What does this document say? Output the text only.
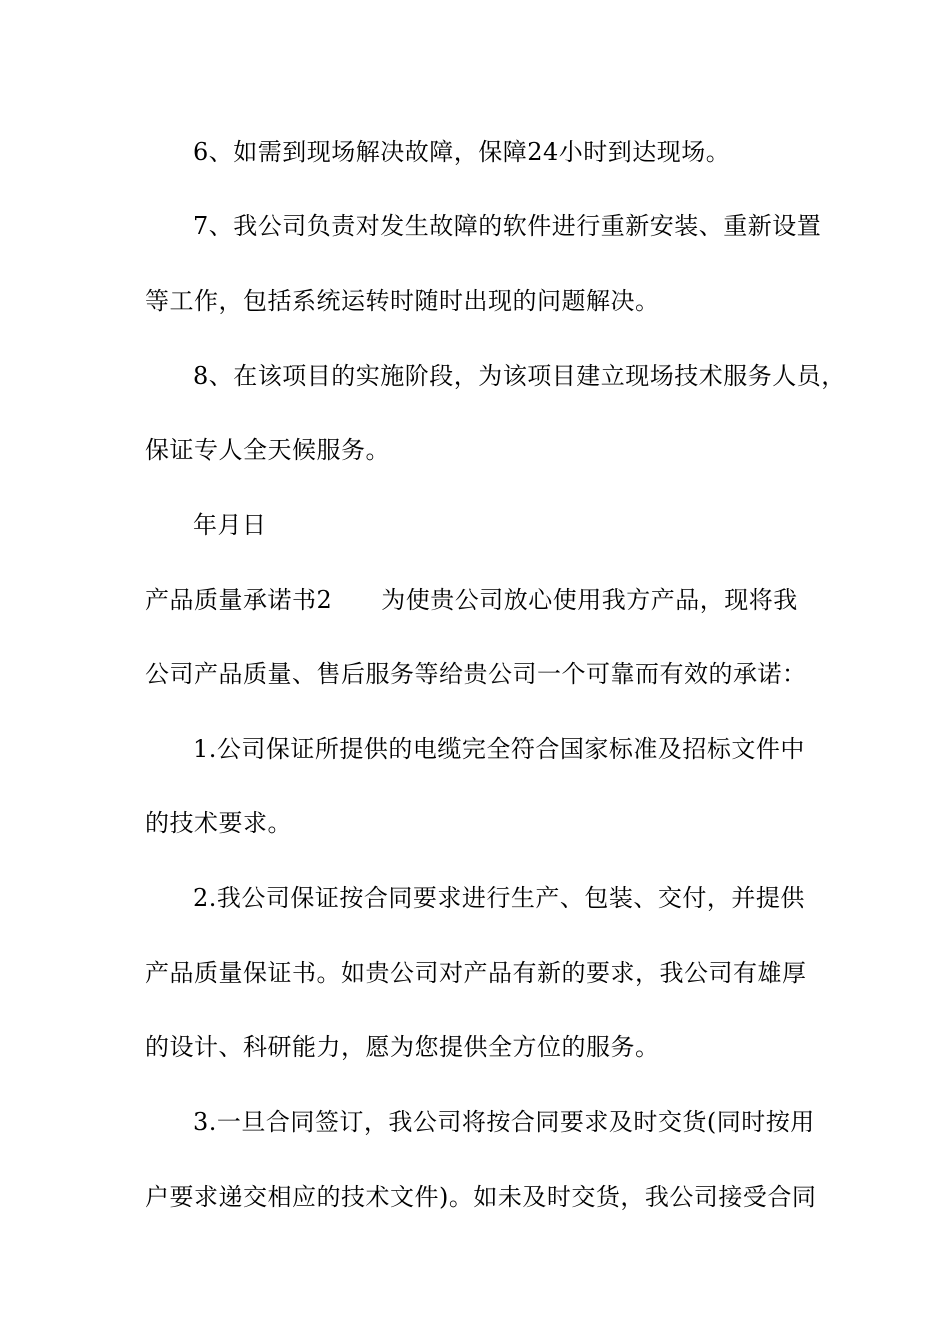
6、如需到现场解决故障，保障24小时到达现场。
7、我公司负责对发生故障的软件进行重新安装、重新设置
等工作，包括系统运转时随时出现的问题解决。
8、在该项目的实施阶段，为该项目建立现场技术服务人员，
保证专人全天候服务。
年月日
产品质量承诺书2　　为使贵公司放心使用我方产品，现将我
公司产品质量、售后服务等给贵公司一个可靠而有效的承诺：
1.公司保证所提供的电缆完全符合国家标准及招标文件中
的技术要求。
2.我公司保证按合同要求进行生产、包装、交付，并提供
产品质量保证书。如贵公司对产品有新的要求，我公司有雄厚
的设计、科研能力，愿为您提供全方位的服务。
3.一旦合同签订，我公司将按合同要求及时交货(同时按用
户要求递交相应的技术文件)。如未及时交货，我公司接受合同
